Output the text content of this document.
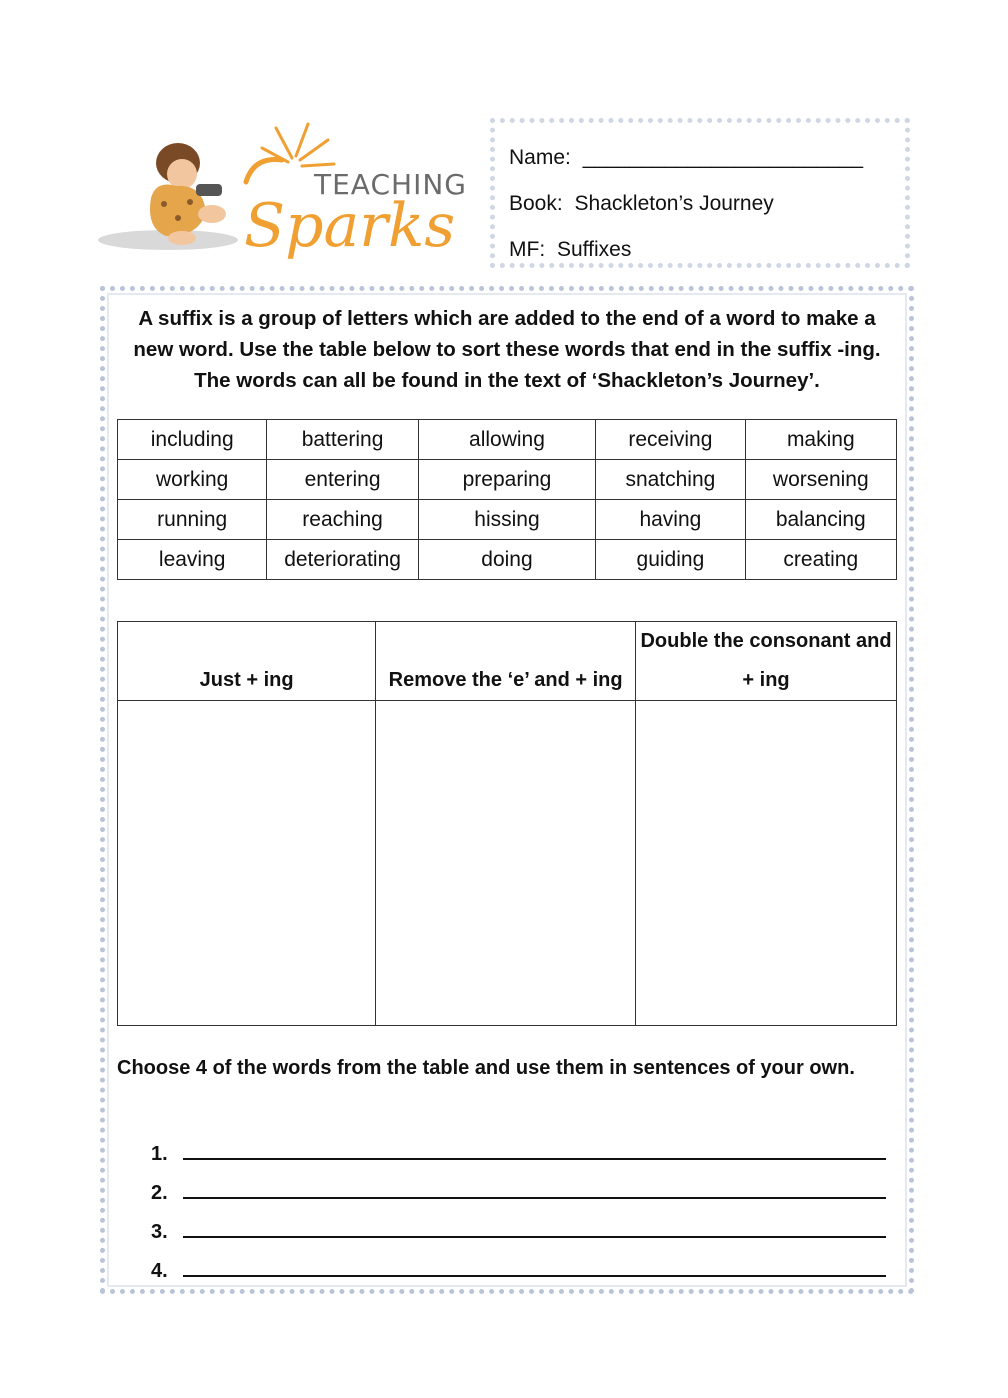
TEACHING
Sparks
Name: ________________________
Book: Shackleton’s Journey
MF: Suffixes
A suffix is a group of letters which are added to the end of a word to make a new word. Use the table below to sort these words that end in the suffix -ing. The words can all be found in the text of ‘Shackleton’s Journey’.
including	battering	allowing	receiving	making
working	entering	preparing	snatching	worsening
running	reaching	hissing	having	balancing
leaving	deteriorating	doing	guiding	creating
Just + ing	Remove the ‘e’ and + ing	Double the consonant and + ing

Choose 4 of the words from the table and use them in sentences of your own.
1.
2.
3.
4.
